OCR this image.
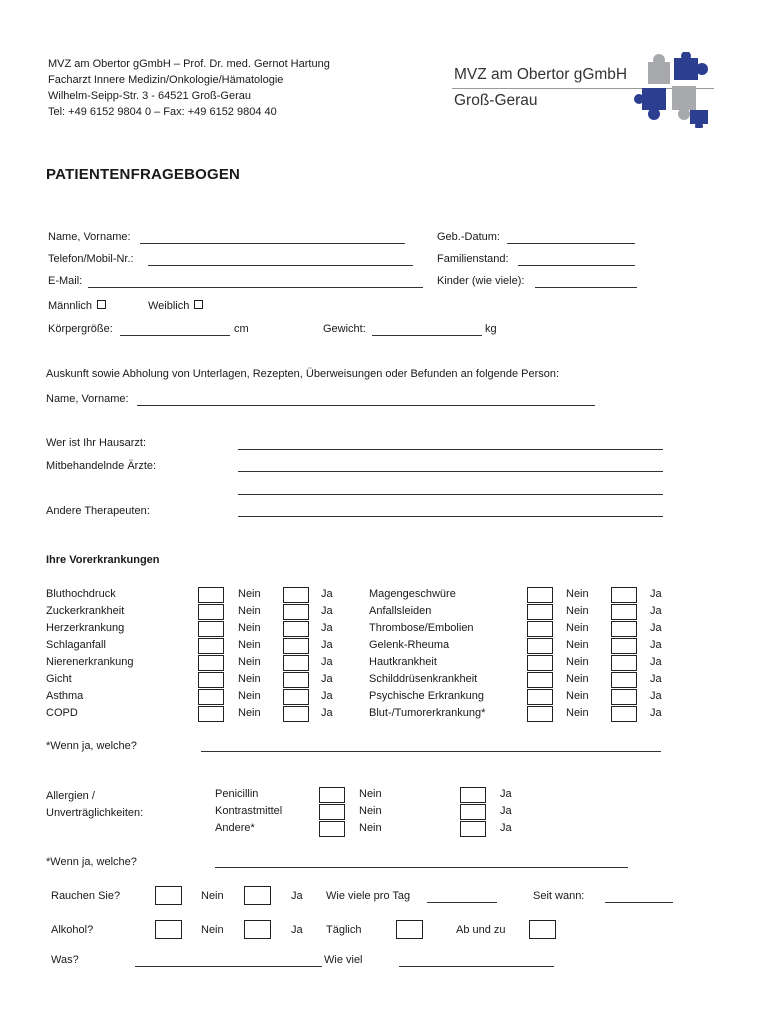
MVZ am Obertor gGmbH – Prof. Dr. med. Gernot Hartung
Facharzt Innere Medizin/Onkologie/Hämatologie
Wilhelm-Seipp-Str. 3 - 64521 Groß-Gerau
Tel: +49 6152 9804 0 – Fax: +49 6152 9804 40
MVZ am Obertor gGmbH
Groß-Gerau
PATIENTENFRAGEBOGEN
Name, Vorname:	Geb.-Datum:
Telefon/Mobil-Nr.:	Familienstand:
E-Mail:	Kinder (wie viele):
Männlich	Weiblich
Körpergröße:	cm	Gewicht:	kg
Auskunft sowie Abholung von Unterlagen, Rezepten, Überweisungen oder Befunden an folgende Person:
Name, Vorname:
Wer ist Ihr Hausarzt:
Mitbehandelnde Ärzte:
Andere Therapeuten:
Ihre Vorerkrankungen
Bluthochdruck	Nein	Ja	Magengeschwüre	Nein	Ja
Zuckerkrankheit	Nein	Ja	Anfallsleiden	Nein	Ja
Herzerkrankung	Nein	Ja	Thrombose/Embolien	Nein	Ja
Schlaganfall	Nein	Ja	Gelenk-Rheuma	Nein	Ja
Nierenerkrankung	Nein	Ja	Hautkrankheit	Nein	Ja
Gicht	Nein	Ja	Schilddrüsenkrankheit	Nein	Ja
Asthma	Nein	Ja	Psychische Erkrankung	Nein	Ja
COPD	Nein	Ja	Blut-/Tumorerkrankung*	Nein	Ja
*Wenn ja, welche?
Allergien /
Unverträglichkeiten:
Penicillin	Nein	Ja
Kontrastmittel	Nein	Ja
Andere*	Nein	Ja
*Wenn ja, welche?
Rauchen Sie?	Nein	Ja Wie viele pro Tag	Seit wann:
Alkohol?	Nein	Ja Täglich	Ab und zu
Was?	Wie viel
